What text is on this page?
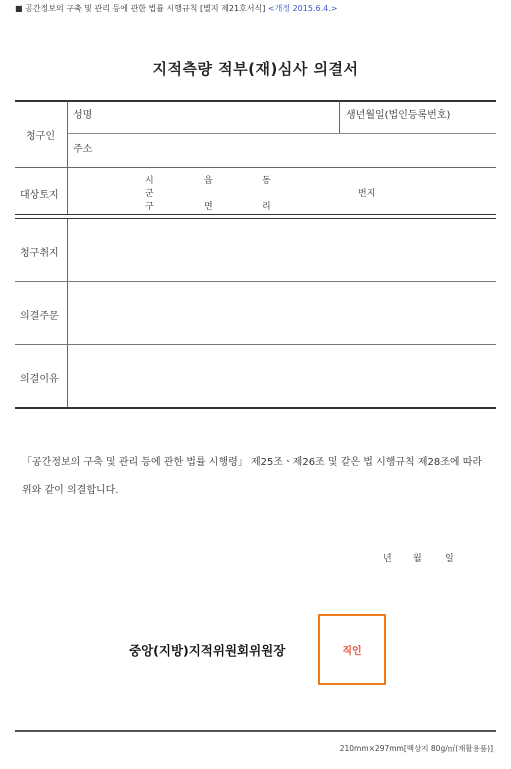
■ 공간정보의 구축 및 관리 등에 관한 법률 시행규칙 [별지 제21호서식] <개정 2015.6.4.>
지적측량 적부(재)심사 의결서
청구인
성명	생년월일(법인등록번호)
주소
대상토지
시	읍	동
군	번지
구	면	리
청구취지
의결주문
의결이유
「공간정보의 구축 및 관리 등에 관한 법률 시행령」 제25조ㆍ제26조 및 같은 법 시행규칙 제28조에 따라 위와 같이 의결합니다.
년 월	일
중앙(지방)지적위원회위원장	직인
210mm×297mm[백상지 80g/㎡(재활용품)]
